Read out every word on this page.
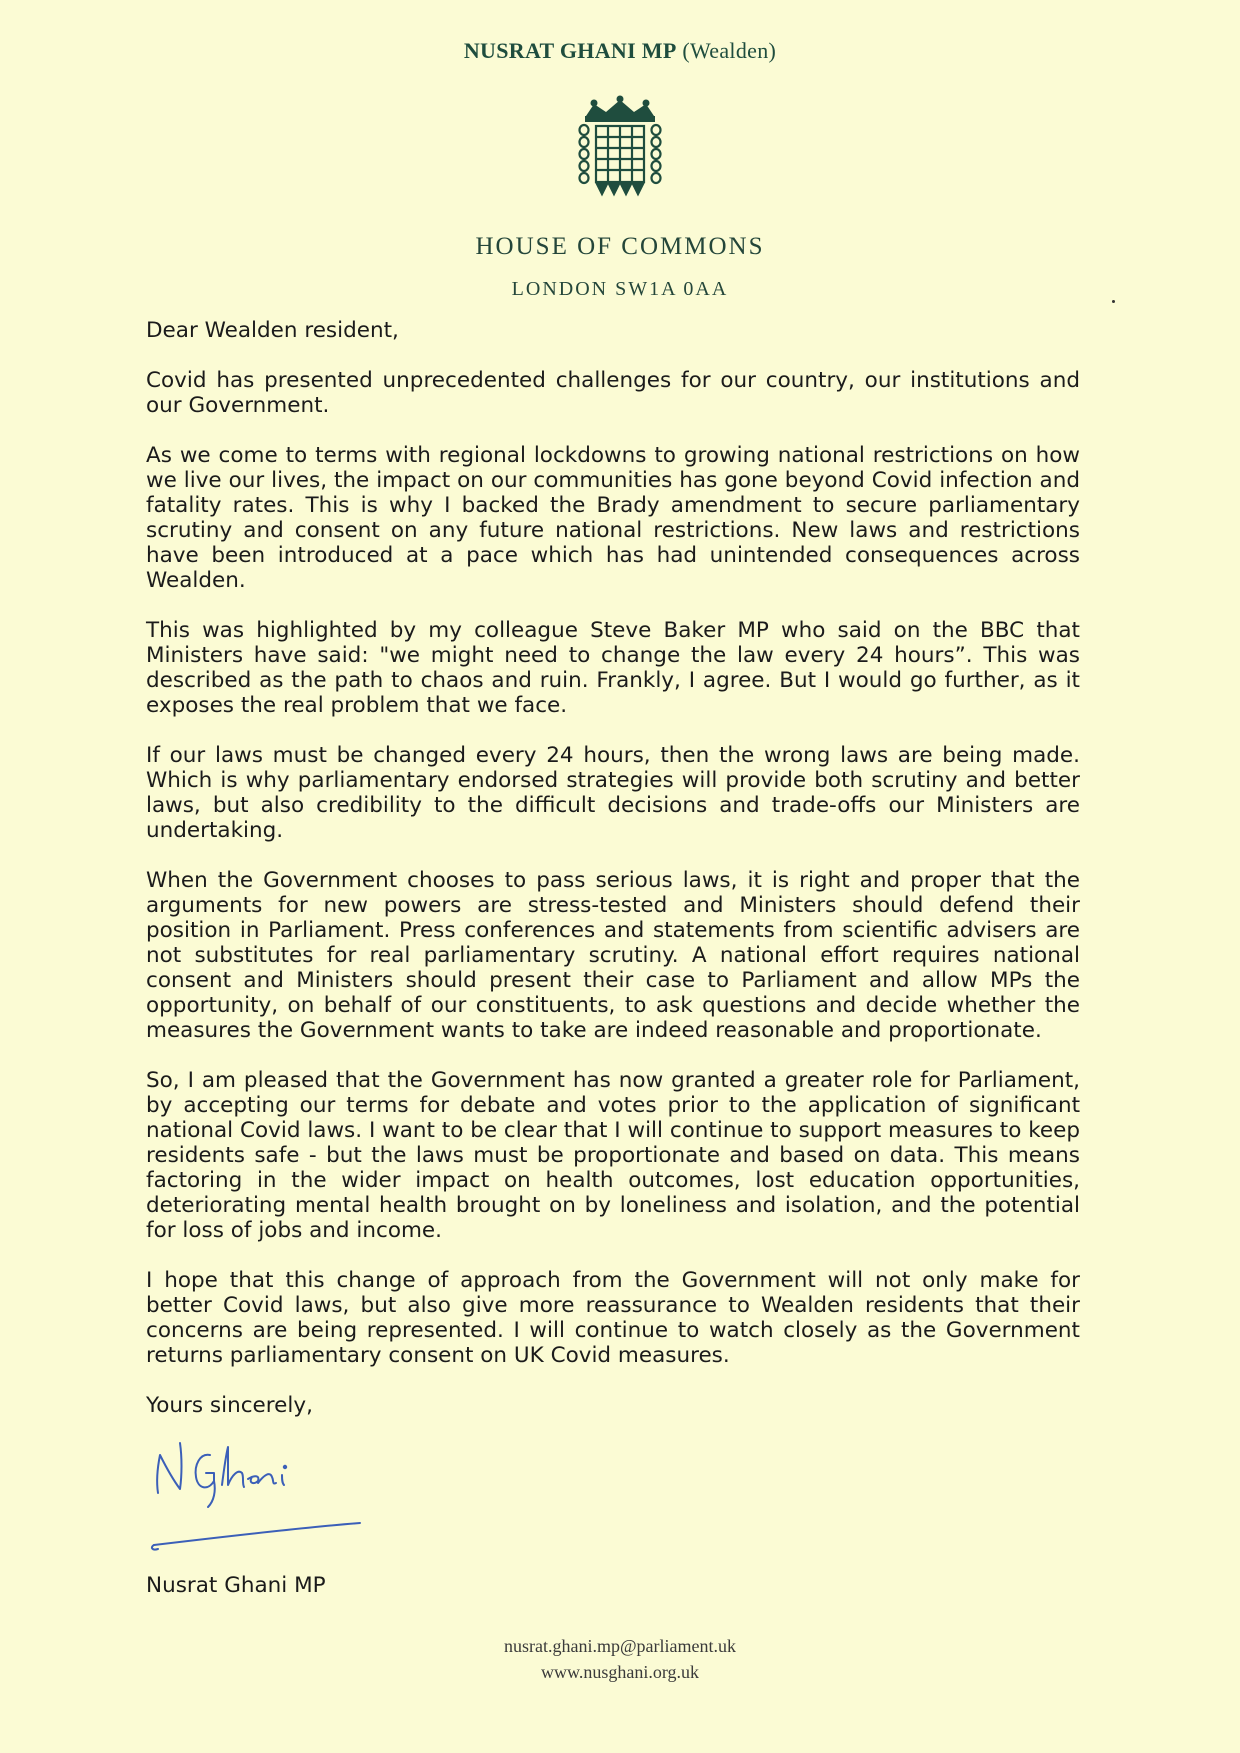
NUSRAT GHANI MP (Wealden)
HOUSE OF COMMONS
LONDON SW1A 0AA
Dear Wealden resident,

Covid has presented unprecedented challenges for our country, our institutions and our Government.

As we come to terms with regional lockdowns to growing national restrictions on how we live our lives, the impact on our communities has gone beyond Covid infection and fatality rates. This is why I backed the Brady amendment to secure parliamentary scrutiny and consent on any future national restrictions. New laws and restrictions have been introduced at a pace which has had unintended consequences across Wealden.

This was highlighted by my colleague Steve Baker MP who said on the BBC that Ministers have said: "we might need to change the law every 24 hours”. This was described as the path to chaos and ruin. Frankly, I agree. But I would go further, as it exposes the real problem that we face.

If our laws must be changed every 24 hours, then the wrong laws are being made. Which is why parliamentary endorsed strategies will provide both scrutiny and better laws, but also credibility to the difficult decisions and trade-offs our Ministers are undertaking.

When the Government chooses to pass serious laws, it is right and proper that the arguments for new powers are stress-tested and Ministers should defend their position in Parliament. Press conferences and statements from scientific advisers are not substitutes for real parliamentary scrutiny. A national effort requires national consent and Ministers should present their case to Parliament and allow MPs the opportunity, on behalf of our constituents, to ask questions and decide whether the measures the Government wants to take are indeed reasonable and proportionate.

So, I am pleased that the Government has now granted a greater role for Parliament, by accepting our terms for debate and votes prior to the application of significant national Covid laws. I want to be clear that I will continue to support measures to keep residents safe - but the laws must be proportionate and based on data. This means factoring in the wider impact on health outcomes, lost education opportunities, deteriorating mental health brought on by loneliness and isolation, and the potential for loss of jobs and income.

I hope that this change of approach from the Government will not only make for better Covid laws, but also give more reassurance to Wealden residents that their concerns are being represented. I will continue to watch closely as the Government returns parliamentary consent on UK Covid measures.

Yours sincerely,
Nusrat Ghani MP
nusrat.ghani.mp@parliament.uk
www.nusghani.org.uk
